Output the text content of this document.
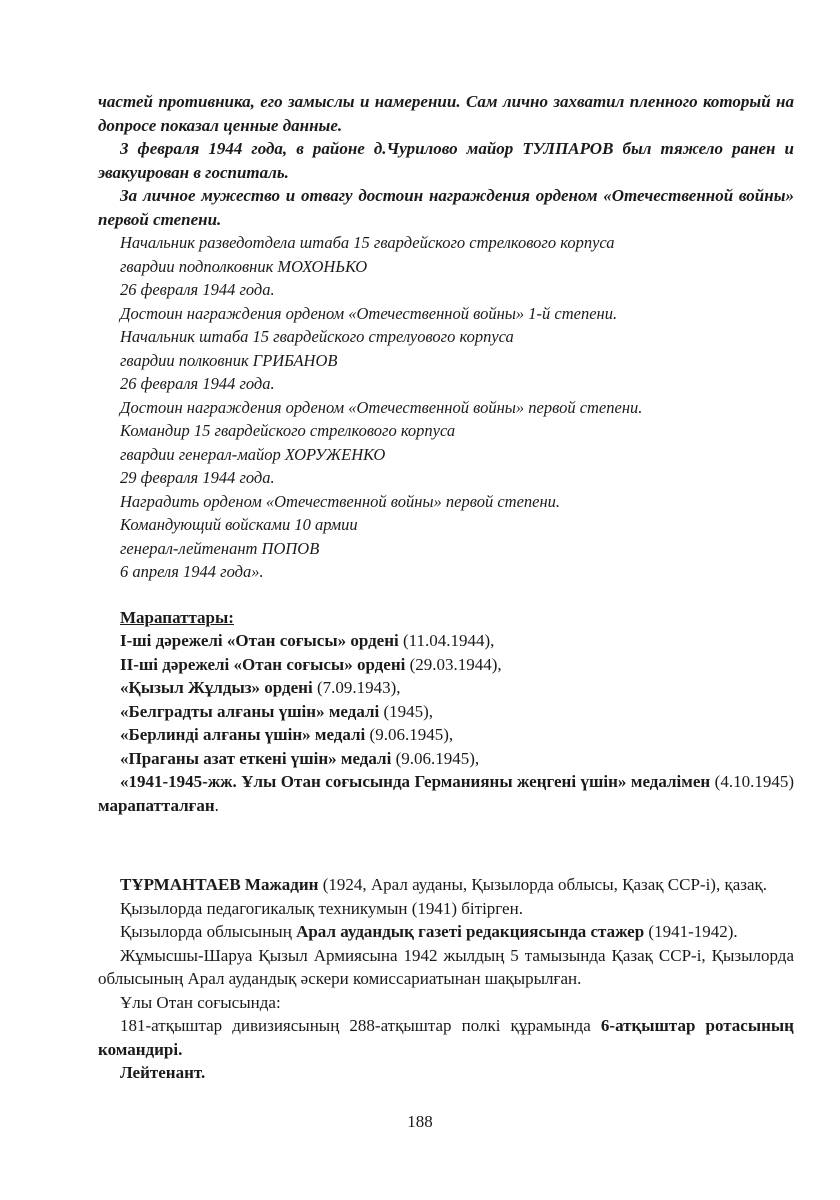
частей противника, его замыслы и намерении. Сам лично захватил пленного который на допросе показал ценные данные.

3 февраля 1944 года, в районе д.Чурилово майор ТУЛПАРОВ был тяжело ранен и эвакуирован в госпиталь.

За личное мужество и отвагу достоин награждения орденом «Отечественной войны» первой степени.

Начальник разведотдела штаба 15 гвардейского стрелкового корпуса

гвардии подполковник МОХОНЬКО

26 февраля 1944 года.

Достоин награждения орденом «Отечественной войны» 1-й степени.

Начальник штаба 15 гвардейского стрелуового корпуса

гвардии полковник ГРИБАНОВ

26 февраля 1944 года.

Достоин награждения орденом «Отечественной войны» первой степени.

Командир 15 гвардейского стрелкового корпуса

гвардии генерал-майор ХОРУЖЕНКО

29 февраля 1944 года.

Наградить орденом «Отечественной войны» первой степени.

Командующий войсками 10 армии

генерал-лейтенант ПОПОВ

6 апреля 1944 года».

Марапаттары:

I-ші дәрежелі «Отан соғысы» ордені (11.04.1944),

II-ші дәрежелі «Отан соғысы» ордені (29.03.1944),

«Қызыл Жұлдыз» ордені (7.09.1943),

«Белградты алғаны үшін» медалі (1945),

«Берлинді алғаны үшін» медалі (9.06.1945),

«Праганы азат еткені үшін» медалі (9.06.1945),

«1941-1945-жж. Ұлы Отан соғысында Германияны жеңгені үшін» медалімен (4.10.1945) марапатталған.

ТҰРМАНТАЕВ Мажадин (1924, Арал ауданы, Қызылорда облысы, Қазақ ССР-і), қазақ.

Қызылорда педагогикалық техникумын (1941) бітірген.

Қызылорда облысының Арал аудандық газеті редакциясында стажер (1941-1942).

Жұмысшы-Шаруа Қызыл Армиясына 1942 жылдың 5 тамызында Қазақ ССР-і, Қызылорда облысының Арал аудандық әскери комиссариатынан шақырылған.

Ұлы Отан соғысында:

181-атқыштар дивизиясының 288-атқыштар полкі құрамында 6-атқыштар ротасының командирі.

Лейтенант.

188
